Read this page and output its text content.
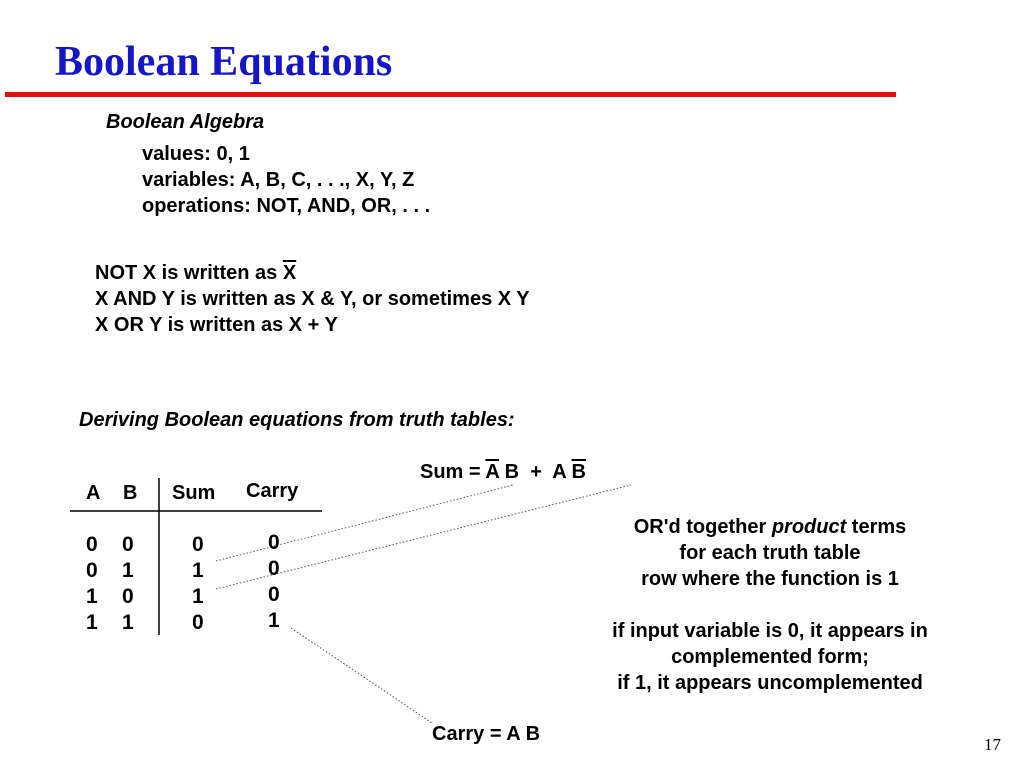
Boolean Equations
Boolean Algebra
values: 0, 1
variables: A, B, C, . . ., X, Y, Z
operations: NOT, AND, OR, . . .
NOT X is written as $\overline{X}$
X AND Y is written as X & Y, or sometimes X Y
X OR Y is written as X + Y
Deriving Boolean equations from truth tables:
A B Sum Carry
0
0
1
1
0
1
0
1
0
1
1
0
0
0
0
1
Sum = $\overline{A}$ B  +  A $\overline{B}$
OR'd together product terms
for each truth table
row where the function is 1
if input variable is 0, it appears in
complemented form;
if 1, it appears uncomplemented
Carry = A B	17
